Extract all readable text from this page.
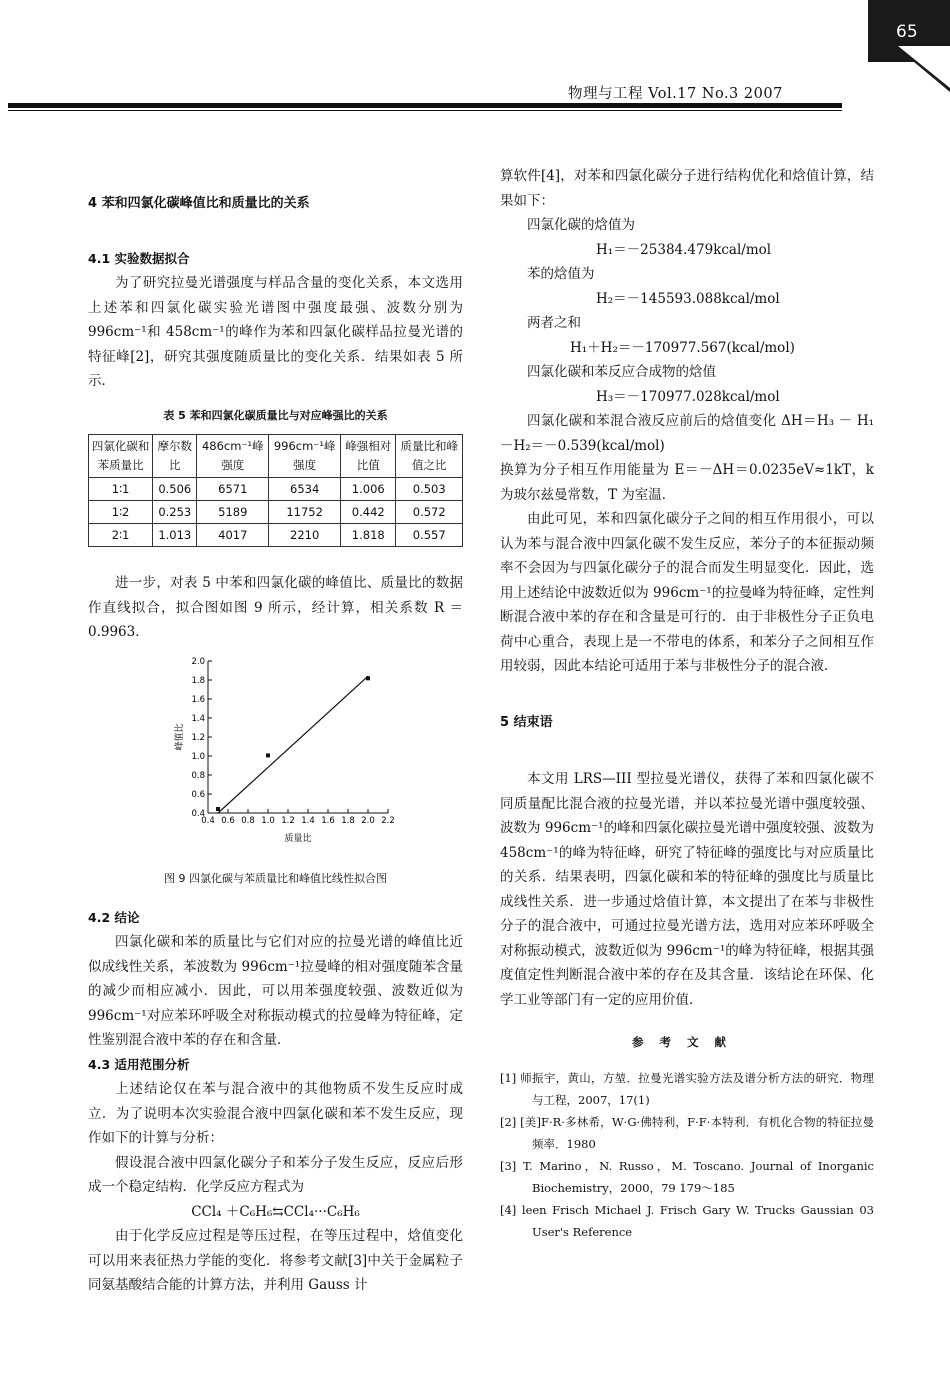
65
物理与工程 Vol.17 No.3 2007

4 苯和四氯化碳峰值比和质量比的关系

4.1 实验数据拟合

为了研究拉曼光谱强度与样品含量的变化关系，本文选用上述苯和四氯化碳实验光谱图中强度最强、波数分别为 996cm⁻¹和 458cm⁻¹的峰作为苯和四氯化碳样品拉曼光谱的特征峰[2]，研究其强度随质量比的变化关系．结果如表 5 所示．

表 5 苯和四氯化碳质量比与对应峰强比的关系
四氯化碳和苯质量比	摩尔数比	486cm⁻¹峰强度	996cm⁻¹峰强度	峰强相对比值	质量比和峰值之比
1∶1	0.506	6571	6534	1.006	0.503
1∶2	0.253	5189	11752	0.442	0.572
2∶1	1.013	4017	2210	1.818	0.557

进一步，对表 5 中苯和四氯化碳的峰值比、质量比的数据作直线拟合，拟合图如图 9 所示，经计算，相关系数 R ＝0.9963．

0.4
0.6
0.8
1.0
1.2
1.4
1.6
1.8
2.0
0.4 0.6 0.8 1.0 1.2 1.4 1.6 1.8 2.0 2.2
质量比
峰值比
图 9 四氯化碳与苯质量比和峰值比线性拟合图

4.2 结论

四氯化碳和苯的质量比与它们对应的拉曼光谱的峰值比近似成线性关系，苯波数为 996cm⁻¹拉曼峰的相对强度随苯含量的减少而相应减小．因此，可以用苯强度较强、波数近似为 996cm⁻¹对应苯环呼吸全对称振动模式的拉曼峰为特征峰，定性鉴别混合液中苯的存在和含量．

4.3 适用范围分析

上述结论仅在苯与混合液中的其他物质不发生反应时成立．为了说明本次实验混合液中四氯化碳和苯不发生反应，现作如下的计算与分析：

假设混合液中四氯化碳分子和苯分子发生反应，反应后形成一个稳定结构．化学反应方程式为

CCl₄ ＋C₆H₆⇆CCl₄···C₆H₆

由于化学反应过程是等压过程，在等压过程中，焓值变化可以用来表征热力学能的变化．将参考文献[3]中关于金属粒子同氨基酸结合能的计算方法，并利用 Gauss 计

算软件[4]，对苯和四氯化碳分子进行结构优化和焓值计算，结果如下：

四氯化碳的焓值为

H₁＝－25384.479kcal/mol

苯的焓值为

H₂＝－145593.088kcal/mol

两者之和

H₁＋H₂＝－170977.567(kcal/mol)

四氯化碳和苯反应合成物的焓值

H₃＝－170977.028kcal/mol

四氯化碳和苯混合液反应前后的焓值变化 ΔH＝H₃ － H₁－H₂＝－0.539(kcal/mol)

换算为分子相互作用能量为 E＝－ΔH＝0.0235eV≈1kT，k 为玻尔兹曼常数，T 为室温．

由此可见，苯和四氯化碳分子之间的相互作用很小，可以认为苯与混合液中四氯化碳不发生反应，苯分子的本征振动频率不会因为与四氯化碳分子的混合而发生明显变化．因此，选用上述结论中波数近似为 996cm⁻¹的拉曼峰为特征峰，定性判断混合液中苯的存在和含量是可行的．由于非极性分子正负电荷中心重合，表现上是一不带电的体系，和苯分子之间相互作用较弱，因此本结论可适用于苯与非极性分子的混合液．

5 结束语

本文用 LRS—III 型拉曼光谱仪，获得了苯和四氯化碳不同质量配比混合液的拉曼光谱，并以苯拉曼光谱中强度较强、波数为 996cm⁻¹的峰和四氯化碳拉曼光谱中强度较强、波数为 458cm⁻¹的峰为特征峰，研究了特征峰的强度比与对应质量比的关系．结果表明，四氯化碳和苯的特征峰的强度比与质量比成线性关系．进一步通过焓值计算，本文提出了在苯与非极性分子的混合液中，可通过拉曼光谱方法，选用对应苯环呼吸全对称振动模式，波数近似为 996cm⁻¹的峰为特征峰，根据其强度值定性判断混合液中苯的存在及其含量．该结论在环保、化学工业等部门有一定的应用价值．

参考文献
[1] 师振宇，黄山，方堃．拉曼光谱实验方法及谱分析方法的研究．物理与工程，2007，17(1)
[2] [美]F·R·多林希，W·G·佛特利，F·F·本特利．有机化合物的特征拉曼频率．1980
[3] T. Marino，N. Russo，M. Toscano. Journal of Inorganic Biochemistry，2000，79 179～185
[4] leen Frisch Michael J. Frisch Gary W. Trucks Gaussian 03 User's Reference
